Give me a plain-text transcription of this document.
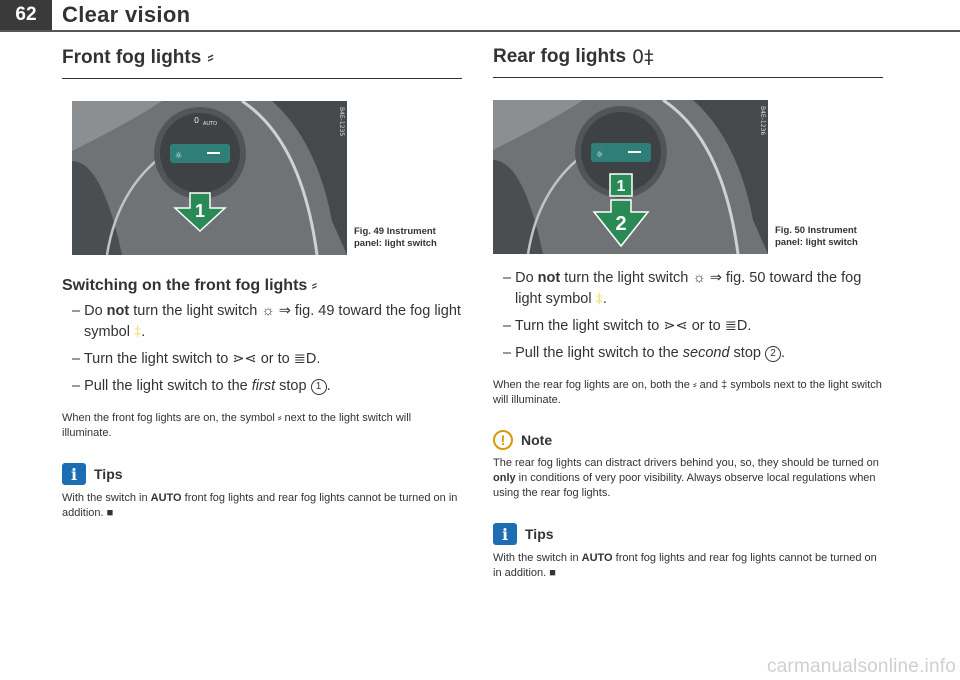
62	Clear vision
Front fog lights ⸗
☼
0 AUTO
1
B4E-1235
Fig. 49 Instrument panel: light switch
Switching on the front fog lights ⸗
– Do not turn the light switch ☼ ⇒ fig. 49 toward the fog light symbol ‡.
– Turn the light switch to ⋗⋖ or to ≣D.
– Pull the light switch to the first stop 1 .
When the front fog lights are on, the symbol ⸗ next to the light switch will illuminate.
i	Tips
With the switch in AUTO front fog lights and rear fog lights cannot be turned on in addition. ■
Rear fog lights 0‡
☼
1
2
B4E-1236
Fig. 50 Instrument panel: light switch
– Do not turn the light switch ☼ ⇒ fig. 50 toward the fog light symbol ‡.
– Turn the light switch to ⋗⋖ or to ≣D.
– Pull the light switch to the second stop 2 .
When the rear fog lights are on, both the ⸗ and ‡ symbols next to the light switch will illuminate.
!	Note
The rear fog lights can distract drivers behind you, so, they should be turned on only in conditions of very poor visibility. Always observe local regulations when using the rear fog lights.
i	Tips
With the switch in AUTO front fog lights and rear fog lights cannot be turned on in addition. ■
carmanualsonline.info
